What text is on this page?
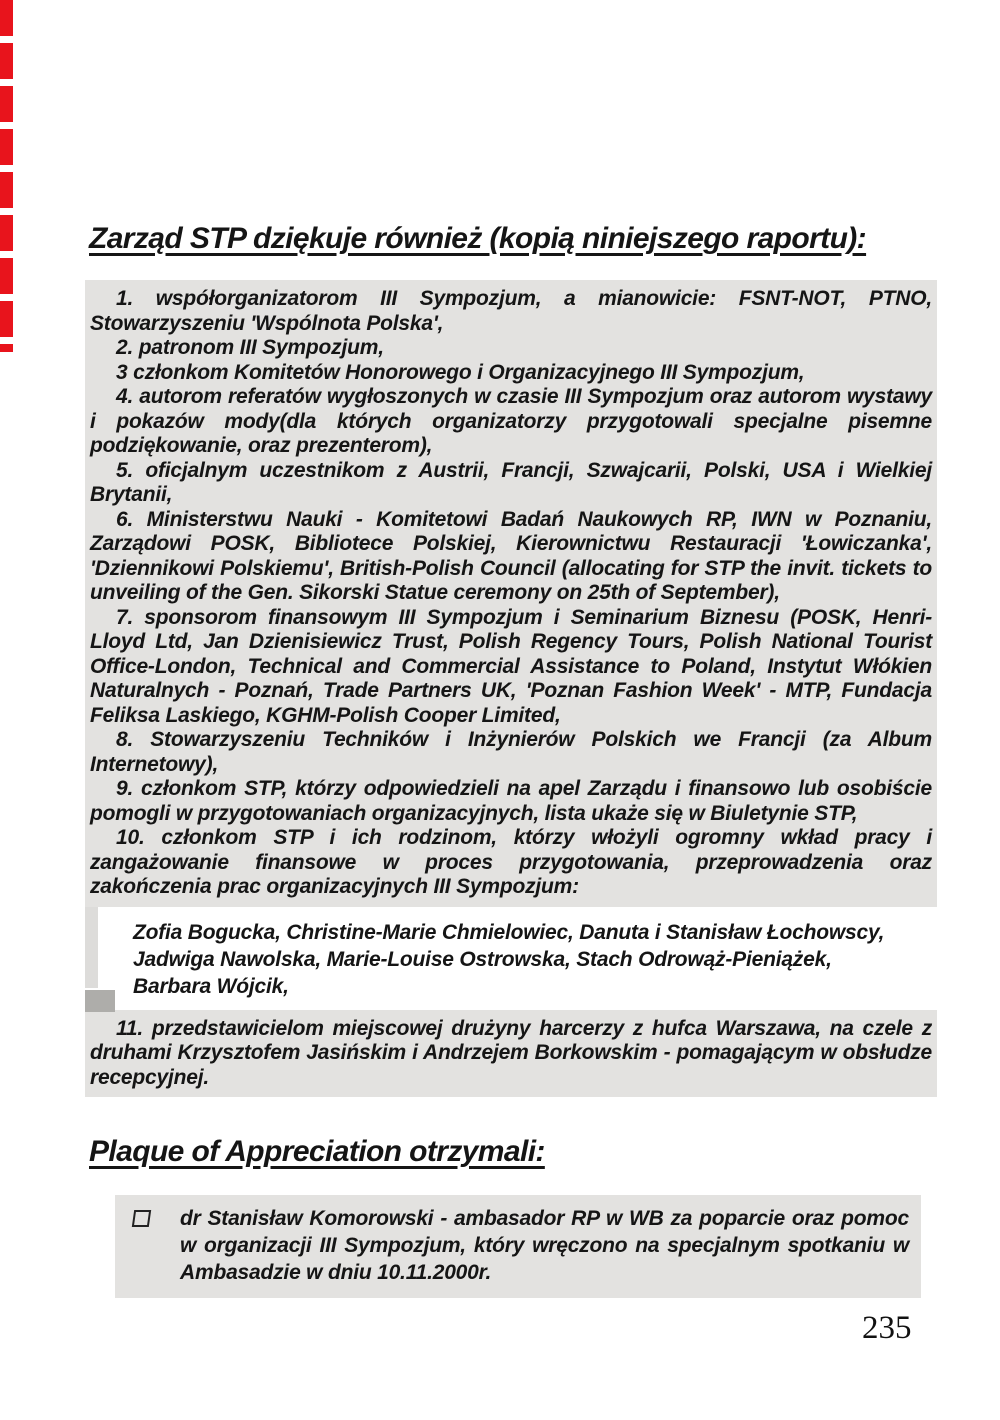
Zarząd STP dziękuje również (kopią niniejszego raportu):

1. współorganizatorom III Sympozjum, a mianowicie: FSNT-NOT, PTNO, Stowarzyszeniu 'Wspólnota Polska',

2. patronom III Sympozjum,

3 członkom Komitetów Honorowego i Organizacyjnego III Sympozjum,

4. autorom referatów wygłoszonych w czasie III Sympozjum oraz autorom wystawy i pokazów mody(dla których organizatorzy przygotowali specjalne pisemne podziękowanie, oraz prezenterom),

5. oficjalnym uczestnikom z Austrii, Francji, Szwajcarii, Polski, USA i Wielkiej Brytanii,

6. Ministerstwu Nauki - Komitetowi Badań Naukowych RP, IWN w Poznaniu, Zarządowi POSK, Bibliotece Polskiej, Kierownictwu Restauracji 'Łowiczanka', 'Dziennikowi Polskiemu', British-Polish Council (allocating for STP the invit. tickets to unveiling of the Gen. Sikorski Statue ceremony on 25th of September),

7. sponsorom finansowym III Sympozjum i Seminarium Biznesu (POSK, Henri-Lloyd Ltd, Jan Dzienisiewicz Trust, Polish Regency Tours, Polish National Tourist Office-London, Technical and Commercial Assistance to Poland, Instytut Włókien Naturalnych - Poznań, Trade Partners UK, 'Poznan Fashion Week' - MTP, Fundacja Feliksa Laskiego, KGHM-Polish Cooper Limited,

8. Stowarzyszeniu Techników i Inżynierów Polskich we Francji (za Album Internetowy),

9. członkom STP, którzy odpowiedzieli na apel Zarządu i finansowo lub osobiście pomogli w przygotowaniach organizacyjnych, lista ukaże się w Biuletynie STP,

10. członkom STP i ich rodzinom, którzy włożyli ogromny wkład pracy i zangażowanie finansowe w proces przygotowania, przeprowadzenia oraz zakończenia prac organizacyjnych III Sympozjum:

Zofia Bogucka, Christine-Marie Chmielowiec, Danuta i Stanisław Łochowscy,
Jadwiga Nawolska, Marie-Louise Ostrowska, Stach Odrowąż-Pieniążek,
Barbara Wójcik,

11. przedstawicielom miejscowej drużyny harcerzy z hufca Warszawa, na czele z druhami Krzysztofem Jasińskim i Andrzejem Borkowskim - pomagającym w obsłudze recepcyjnej.

Plaque of Appreciation otrzymali:
dr Stanisław Komorowski - ambasador RP w WB za poparcie oraz pomoc w organizacji III Sympozjum, który wręczono na specjalnym spotkaniu w Ambasadzie w dniu 10.11.2000r.
235
